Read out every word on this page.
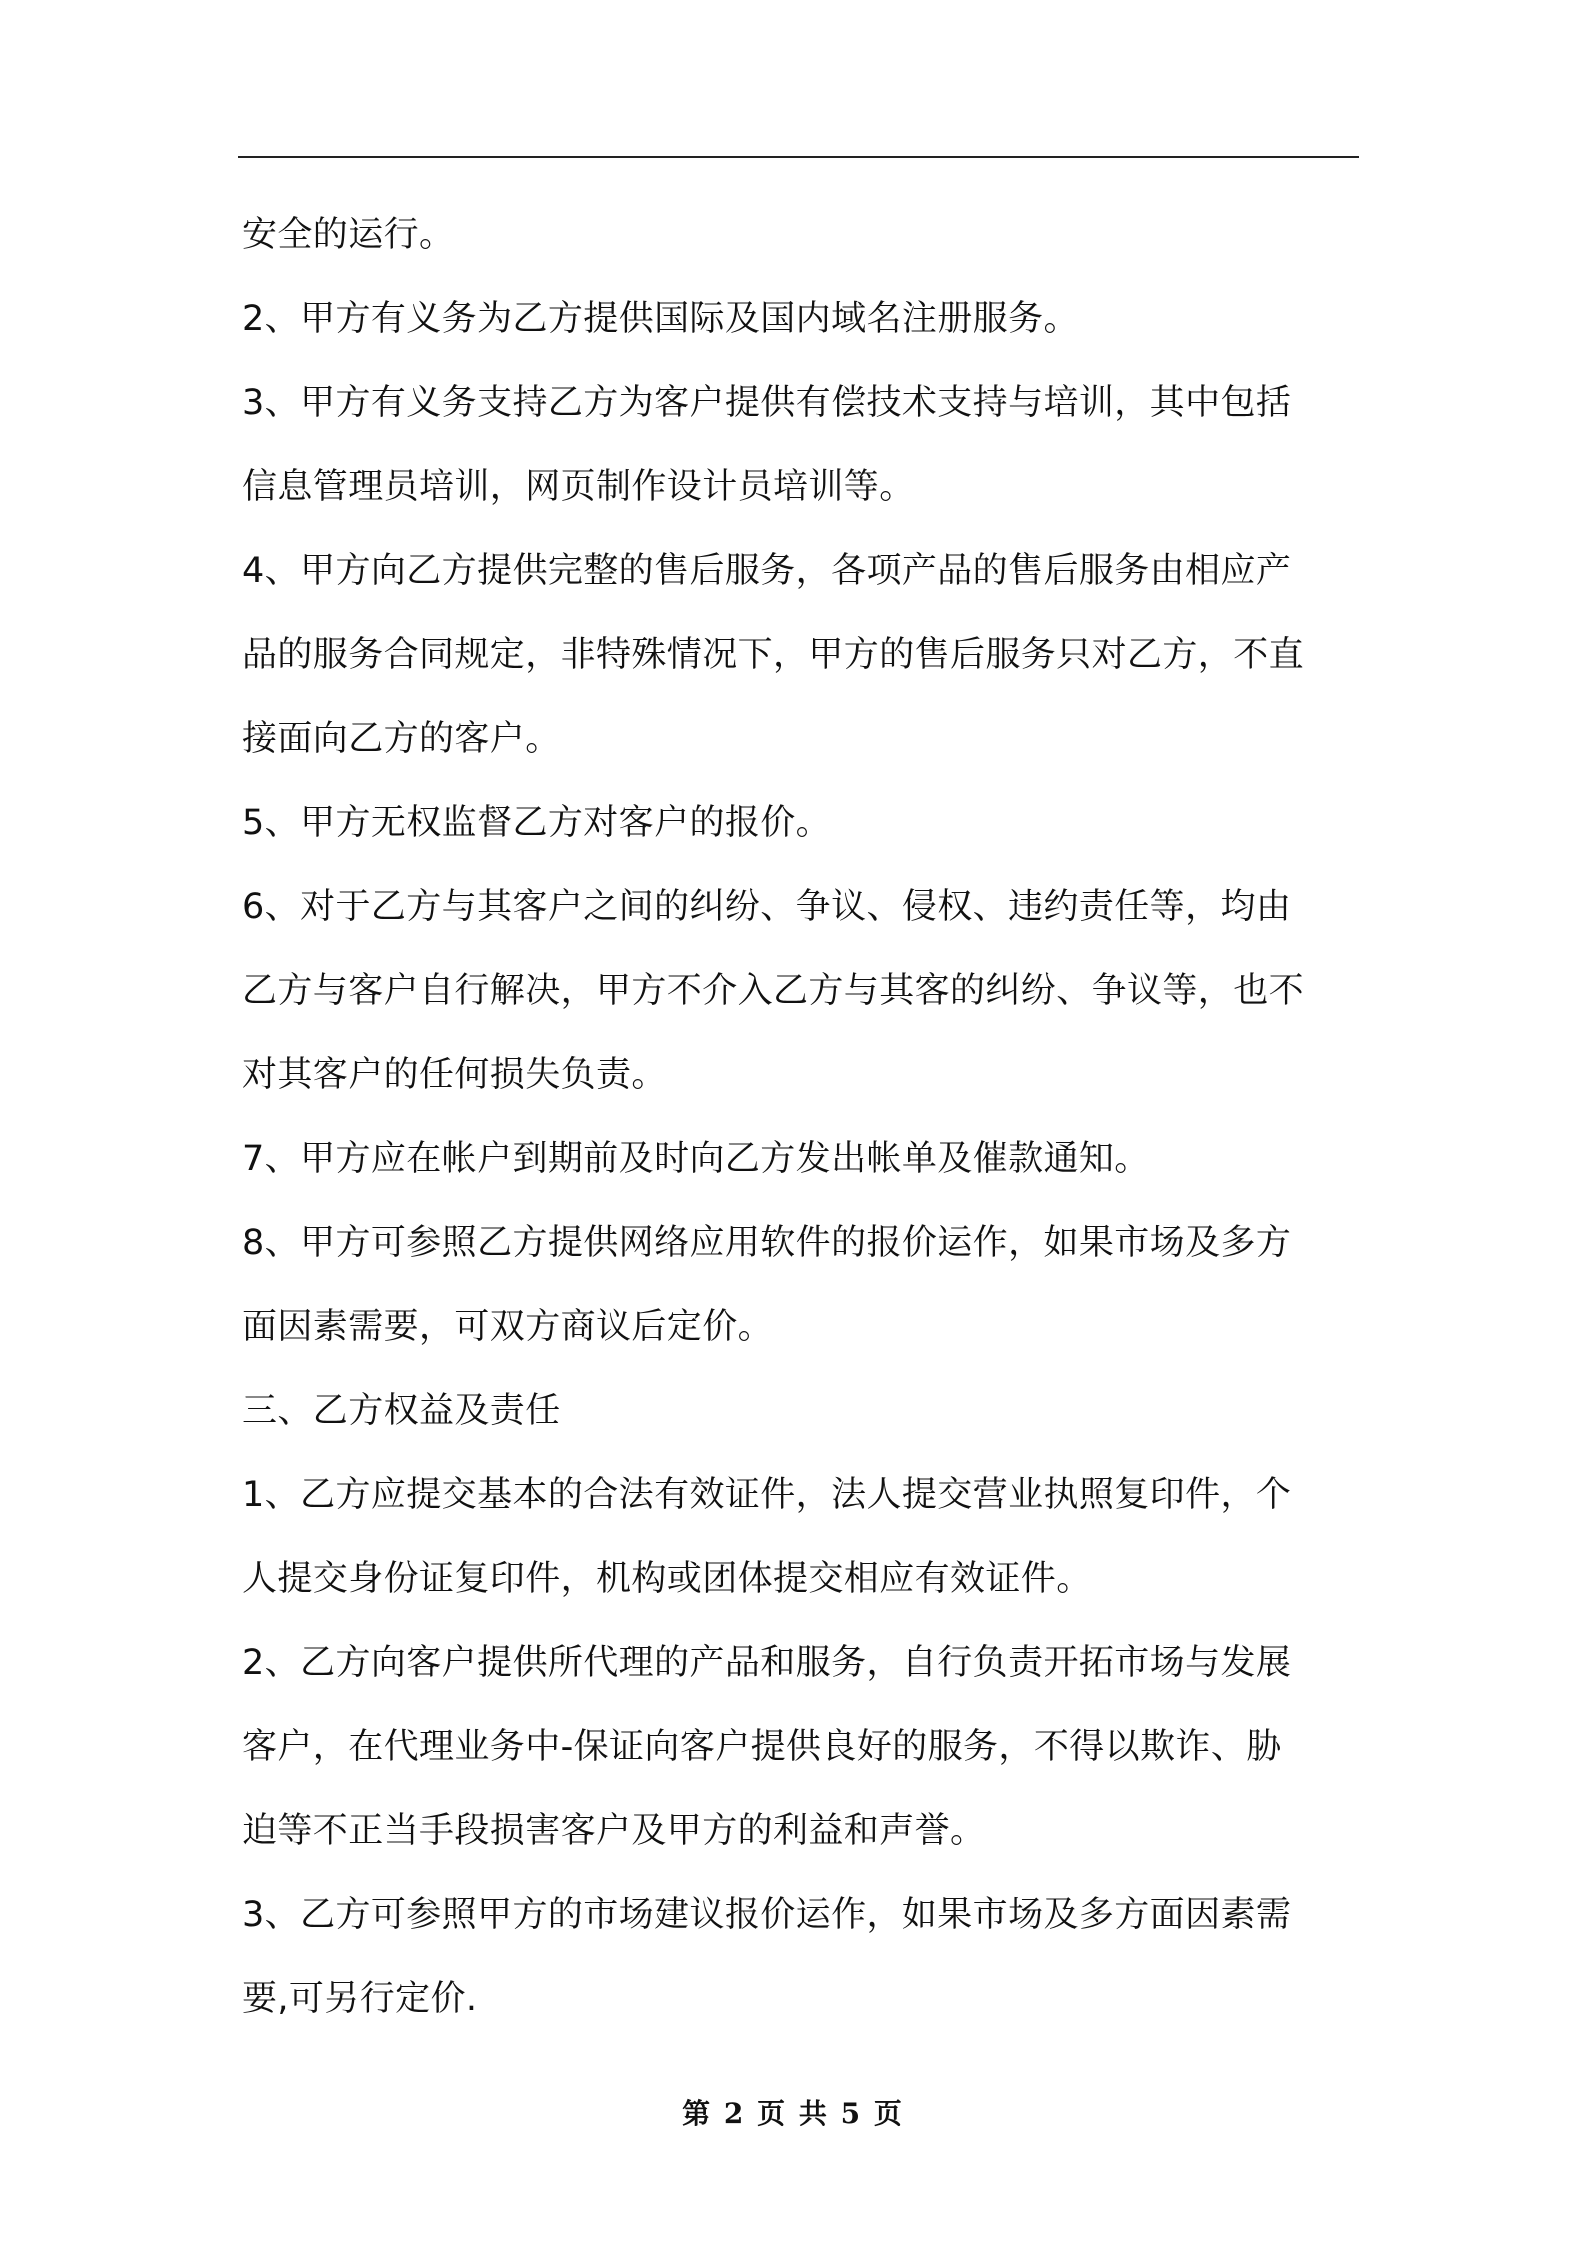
安全的运行。
2、甲方有义务为乙方提供国际及国内域名注册服务。
3、甲方有义务支持乙方为客户提供有偿技术支持与培训，其中包括
信息管理员培训，网页制作设计员培训等。
4、甲方向乙方提供完整的售后服务，各项产品的售后服务由相应产
品的服务合同规定，非特殊情况下，甲方的售后服务只对乙方，不直
接面向乙方的客户。
5、甲方无权监督乙方对客户的报价。
6、对于乙方与其客户之间的纠纷、争议、侵权、违约责任等，均由
乙方与客户自行解决，甲方不介入乙方与其客的纠纷、争议等，也不
对其客户的任何损失负责。
7、甲方应在帐户到期前及时向乙方发出帐单及催款通知。
8、甲方可参照乙方提供网络应用软件的报价运作，如果市场及多方
面因素需要，可双方商议后定价。
三、乙方权益及责任
1、乙方应提交基本的合法有效证件，法人提交营业执照复印件，个
人提交身份证复印件，机构或团体提交相应有效证件。
2、乙方向客户提供所代理的产品和服务，自行负责开拓市场与发展
客户，在代理业务中-保证向客户提供良好的服务，不得以欺诈、胁
迫等不正当手段损害客户及甲方的利益和声誉。
3、乙方可参照甲方的市场建议报价运作，如果市场及多方面因素需
要,可另行定价.
第 2 页 共 5 页
